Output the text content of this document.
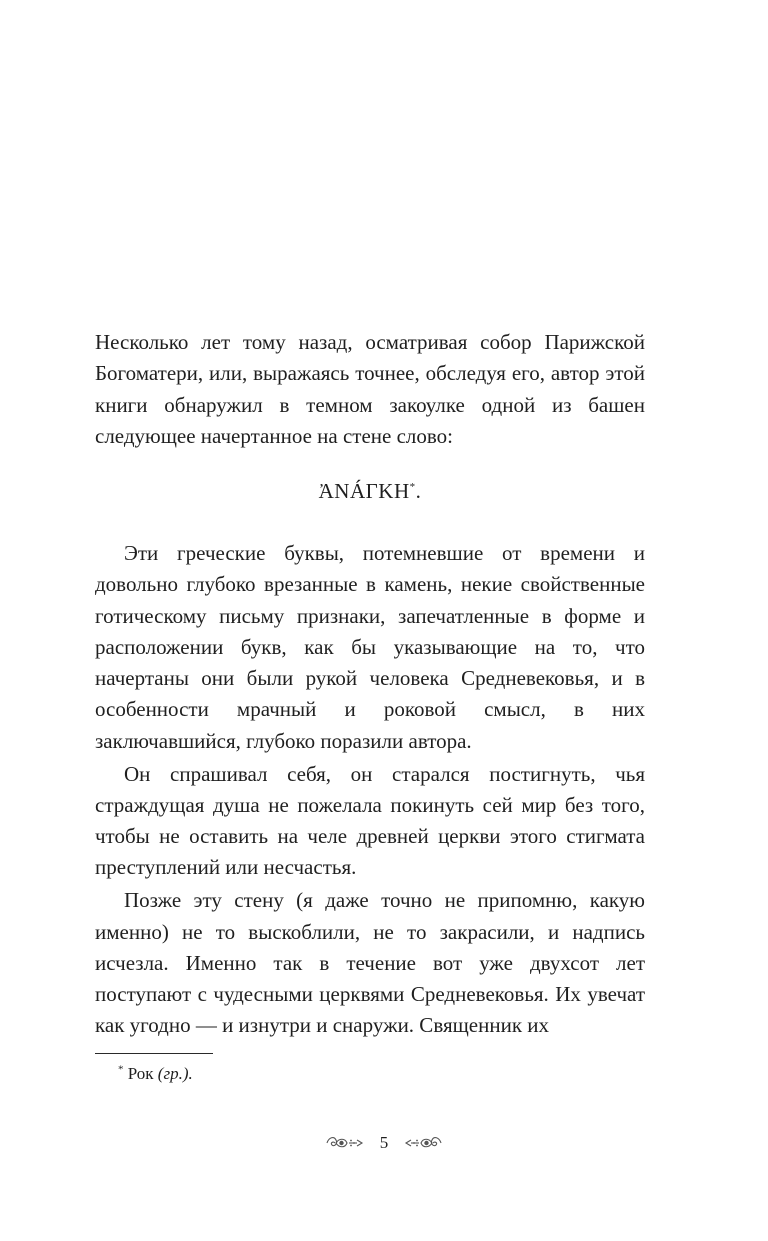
Несколько лет тому назад, осматривая собор Парижской Богоматери, или, выражаясь точнее, обследуя его, автор этой книги обнаружил в темном закоулке одной из башен следующее начертанное на стене слово:

ἈΝÁΓΚΗ*.

Эти греческие буквы, потемневшие от времени и довольно глубоко врезанные в камень, некие свойственные готическому письму признаки, запечатленные в форме и расположении букв, как бы указывающие на то, что начертаны они были рукой человека Средневековья, и в особенности мрачный и роковой смысл, в них заключавшийся, глубоко поразили автора.

Он спрашивал себя, он старался постигнуть, чья страждущая душа не пожелала покинуть сей мир без того, чтобы не оставить на челе древней церкви этого стигмата преступлений или несчастья.

Позже эту стену (я даже точно не припомню, какую именно) не то выскоблили, не то закрасили, и надпись исчезла. Именно так в течение вот уже двухсот лет поступают с чудесными церквями Средневековья. Их увечат как угодно — и изнутри и снаружи. Священник их

* Рок (гр.).
5
